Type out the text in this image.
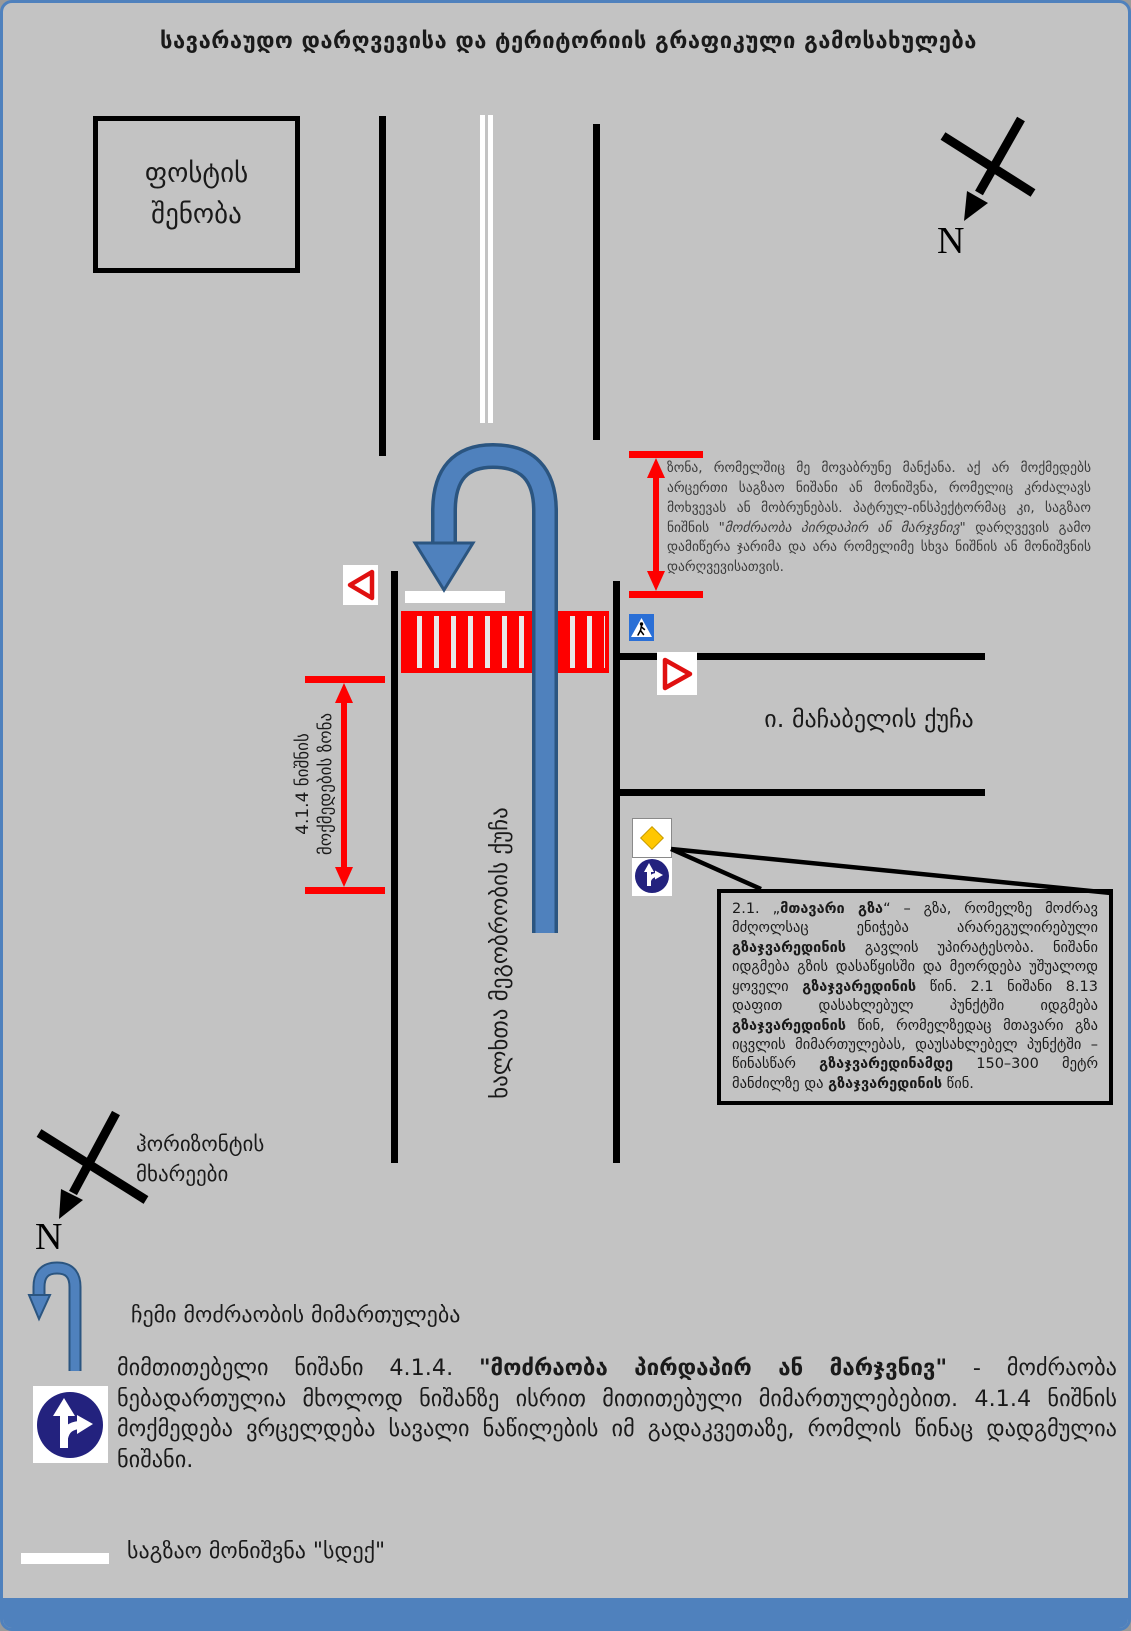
სავარაუდო დარღვევისა და ტერიტორიის გრაფიკული გამოსახულება
ფოსტის
შენობა
ზონა, რომელშიც მე მოვაბრუნე მანქანა. აქ არ მოქმედებს არცერთი საგზაო ნიშანი ან მონიშვნა, რომელიც კრძალავს მოხვევას ან მობრუნებას. პატრულ-ინსპექტორმაც კი, საგზაო ნიშნის "მოძრაობა პირდაპირ ან მარჯვნივ" დარღვევის გამო დამიწერა ჯარიმა და არა რომელიმე სხვა ნიშნის ან მონიშვნის დარღვევისათვის.
4.1.4 ნიშნის მოქმედების ზონა	ი. მაჩაბელის ქუჩა
ხალხთა მეგობრობის ქუჩა	2.1. „მთავარი გზა“ – გზა, რომელზე მოძრავ მძღოლსაც ენიჭება არარეგულირებული გზაჯვარედინის გავლის უპირატესობა. ნიშანი იდგმება გზის დასაწყისში და მეორდება უშუალოდ ყოველი გზაჯვარედინის წინ. 2.1 ნიშანი 8.13 დაფით დასახლებულ პუნქტში იდგმება გზაჯვარედინის წინ, რომელზედაც მთავარი გზა იცვლის მიმართულებას, დაუსახლებელ პუნქტში – წინასწარ გზაჯვარედინამდე 150–300 მეტრ მანძილზე და გზაჯვარედინის წინ.
N
N
ჰორიზონტის
მხარეები
ჩემი მოძრაობის მიმართულება
მიმთითებელი ნიშანი 4.1.4. "მოძრაობა პირდაპირ ან მარჯვნივ" - მოძრაობა ნებადართულია მხოლოდ ნიშანზე ისრით მითითებული მიმართულებებით. 4.1.4 ნიშნის მოქმედება ვრცელდება სავალი ნაწილების იმ გადაკვეთაზე, რომლის წინაც დადგმულია ნიშანი.
საგზაო მონიშვნა "სდექ"
